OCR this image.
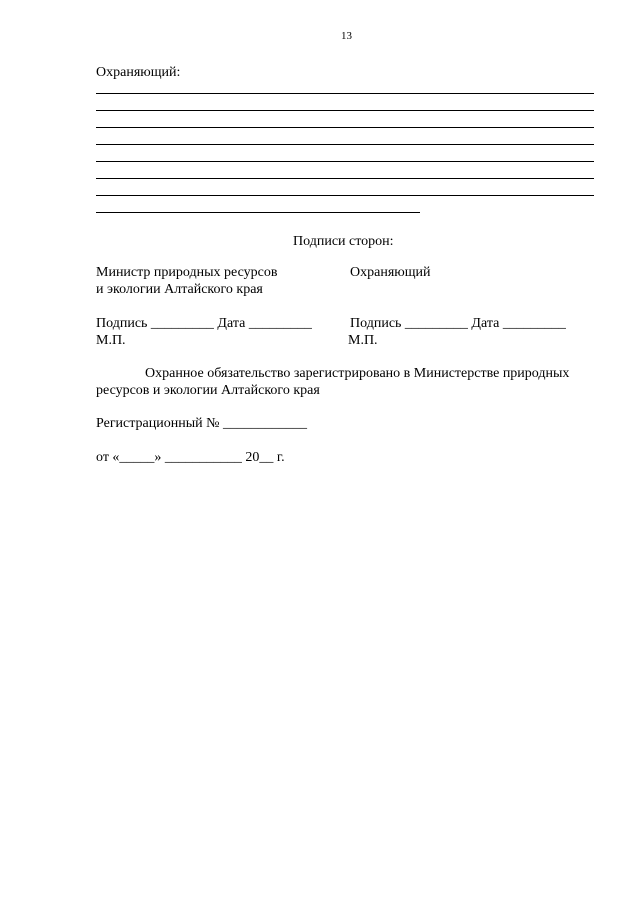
13
Охраняющий:
Подписи сторон:
Министр природных ресурсов
и экологии Алтайского края
Охраняющий
Подпись _________ Дата _________
М.П.
Подпись _________ Дата _________
М.П.
Охранное обязательство зарегистрировано в Министерстве природных
ресурсов и экологии Алтайского края
Регистрационный № ____________
от «_____» ___________ 20__ г.
